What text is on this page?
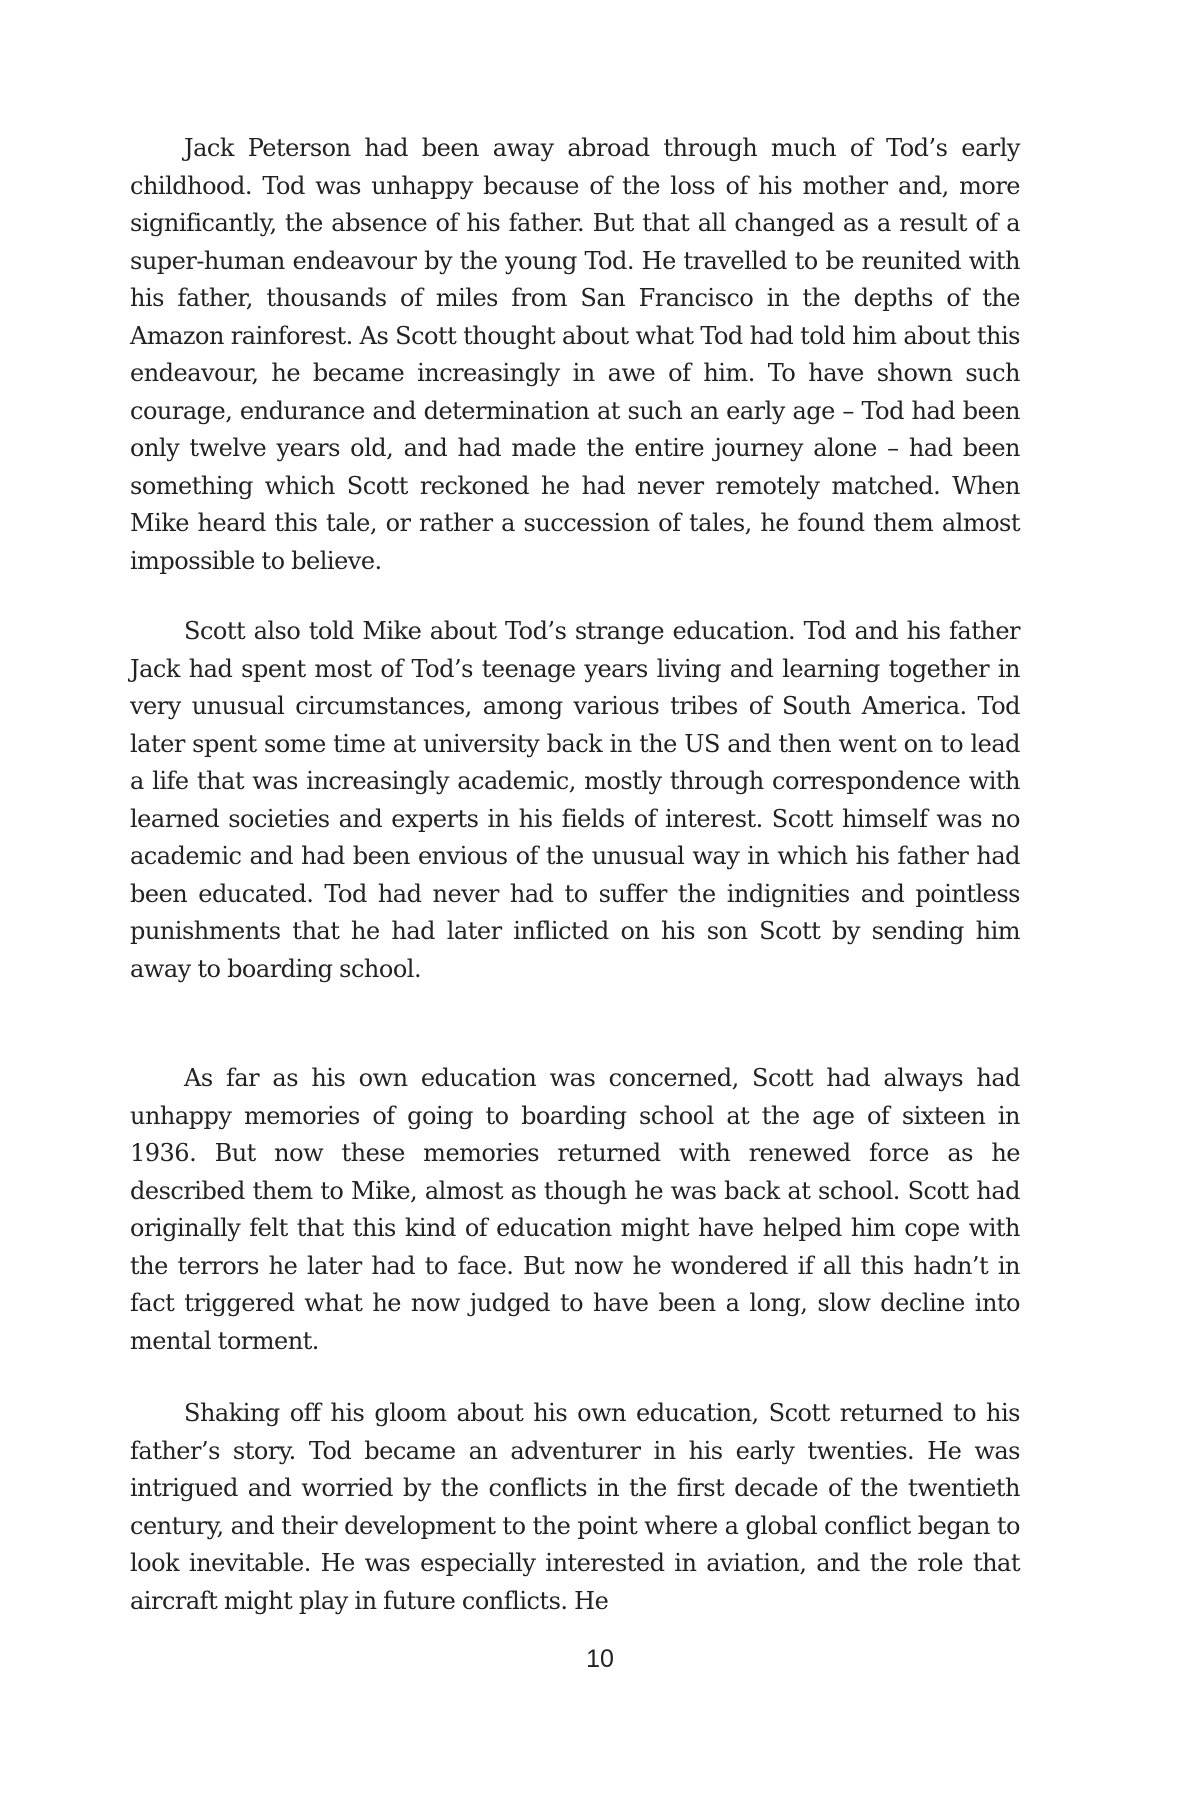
Jack Peterson had been away abroad through much of Tod’s early childhood. Tod was unhappy because of the loss of his mother and, more significantly, the absence of his father. But that all changed as a result of a super-human endeavour by the young Tod. He travelled to be reunited with his father, thousands of miles from San Francisco in the depths of the Amazon rainforest. As Scott thought about what Tod had told him about this endeavour, he became increasingly in awe of him. To have shown such courage, endurance and determination at such an early age – Tod had been only twelve years old, and had made the entire journey alone – had been something which Scott reckoned he had never remotely matched. When Mike heard this tale, or rather a succession of tales, he found them almost impossible to believe.

Scott also told Mike about Tod’s strange education. Tod and his father Jack had spent most of Tod’s teenage years living and learning together in very unusual circumstances, among various tribes of South America. Tod later spent some time at university back in the US and then went on to lead a life that was increasingly academic, mostly through correspondence with learned societies and experts in his fields of interest. Scott himself was no academic and had been envious of the unusual way in which his father had been educated. Tod had never had to suffer the indignities and pointless punishments that he had later inflicted on his son Scott by sending him away to boarding school.

As far as his own education was concerned, Scott had always had unhappy memories of going to boarding school at the age of sixteen in 1936. But now these memories returned with renewed force as he described them to Mike, almost as though he was back at school. Scott had originally felt that this kind of education might have helped him cope with the terrors he later had to face. But now he wondered if all this hadn’t in fact triggered what he now judged to have been a long, slow decline into mental torment.

Shaking off his gloom about his own education, Scott returned to his father’s story. Tod became an adventurer in his early twenties. He was intrigued and worried by the conflicts in the first decade of the twentieth century, and their development to the point where a global conflict began to look inevitable. He was especially interested in aviation, and the role that aircraft might play in future conflicts. He

10
